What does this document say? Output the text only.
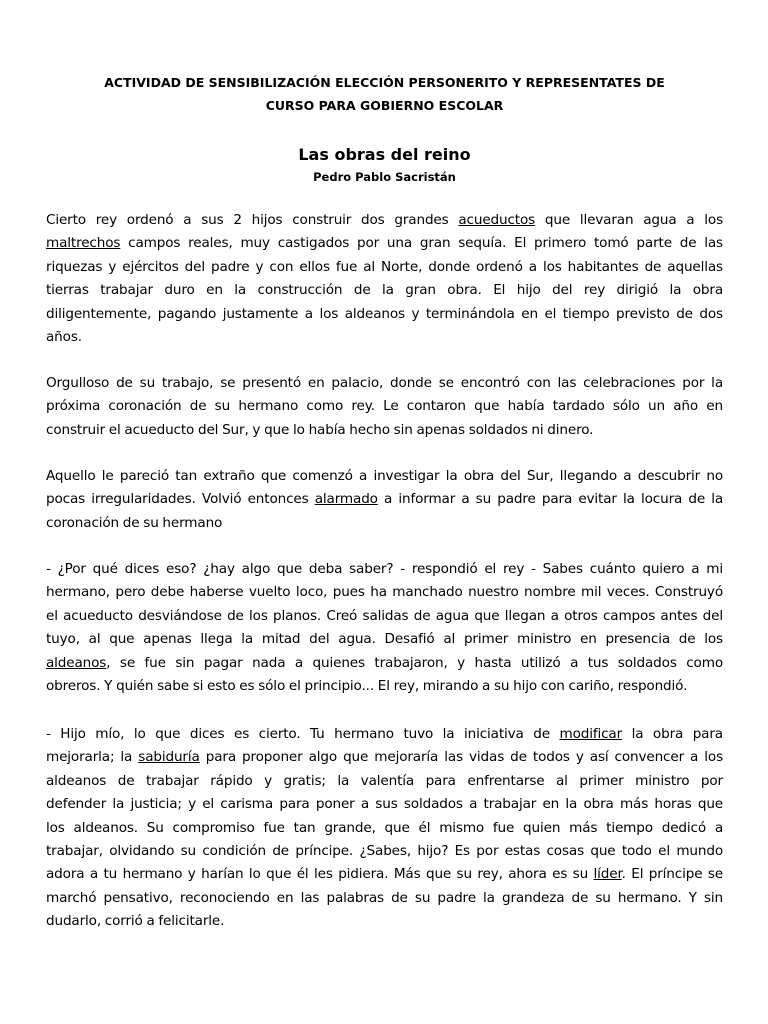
ACTIVIDAD DE SENSIBILIZACIÓN ELECCIÓN PERSONERITO Y REPRESENTATES DE
CURSO PARA GOBIERNO ESCOLAR
Las obras del reino
Pedro Pablo Sacristán
Cierto rey ordenó a sus 2 hijos construir dos grandes acueductos que llevaran agua a los
maltrechos campos reales, muy castigados por una gran sequía. El primero tomó parte de las
riquezas y ejércitos del padre y con ellos fue al Norte, donde ordenó a los habitantes de aquellas
tierras trabajar duro en la construcción de la gran obra. El hijo del rey dirigió la obra
diligentemente, pagando justamente a los aldeanos y terminándola en el tiempo previsto de dos
años.
Orgulloso de su trabajo, se presentó en palacio, donde se encontró con las celebraciones por la
próxima coronación de su hermano como rey. Le contaron que había tardado sólo un año en
construir el acueducto del Sur, y que lo había hecho sin apenas soldados ni dinero.
Aquello le pareció tan extraño que comenzó a investigar la obra del Sur, llegando a descubrir no
pocas irregularidades. Volvió entonces alarmado a informar a su padre para evitar la locura de la
coronación de su hermano
- ¿Por qué dices eso? ¿hay algo que deba saber? - respondió el rey - Sabes cuánto quiero a mi
hermano, pero debe haberse vuelto loco, pues ha manchado nuestro nombre mil veces. Construyó
el acueducto desviándose de los planos. Creó salidas de agua que llegan a otros campos antes del
tuyo, al que apenas llega la mitad del agua. Desafió al primer ministro en presencia de los
aldeanos, se fue sin pagar nada a quienes trabajaron, y hasta utilizó a tus soldados como
obreros. Y quién sabe si esto es sólo el principio... El rey, mirando a su hijo con cariño, respondió.
- Hijo mío, lo que dices es cierto. Tu hermano tuvo la iniciativa de modificar la obra para
mejorarla; la sabiduría para proponer algo que mejoraría las vidas de todos y así convencer a los
aldeanos de trabajar rápido y gratis; la valentía para enfrentarse al primer ministro por
defender la justicia; y el carisma para poner a sus soldados a trabajar en la obra más horas que
los aldeanos. Su compromiso fue tan grande, que él mismo fue quien más tiempo dedicó a
trabajar, olvidando su condición de príncipe. ¿Sabes, hijo? Es por estas cosas que todo el mundo
adora a tu hermano y harían lo que él les pidiera. Más que su rey, ahora es su líder. El príncipe se
marchó pensativo, reconociendo en las palabras de su padre la grandeza de su hermano. Y sin
dudarlo, corrió a felicitarle.
